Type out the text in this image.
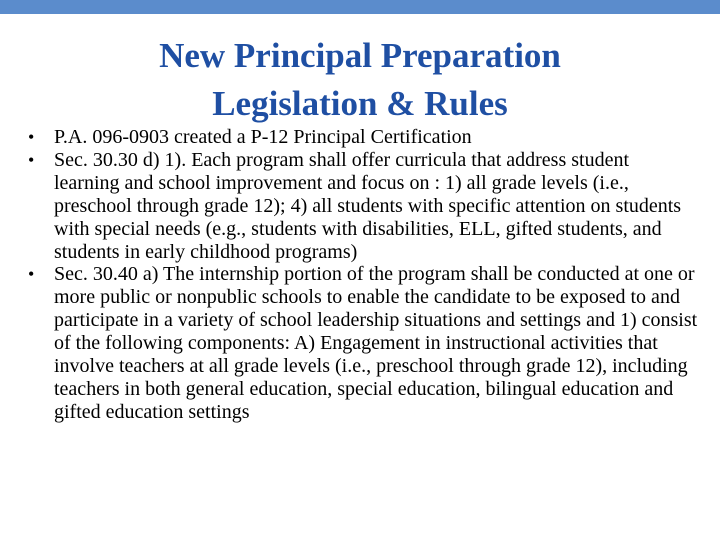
New Principal Preparation
Legislation & Rules
• P.A. 096-0903 created a P-12 Principal Certification
• Sec. 30.30 d) 1). Each program shall offer curricula that address student learning and school improvement and focus on : 1) all grade levels (i.e., preschool through grade 12); 4) all students with specific attention on students with special needs (e.g., students with disabilities, ELL, gifted students, and students in early childhood programs)
• Sec. 30.40 a) The internship portion of the program shall be conducted at one or more public or nonpublic schools to enable the candidate to be exposed to and participate in a variety of school leadership situations and settings and 1) consist of the following components: A) Engagement in instructional activities that involve teachers at all grade levels (i.e., preschool through grade 12), including teachers in both general education, special education, bilingual education and gifted education settings
